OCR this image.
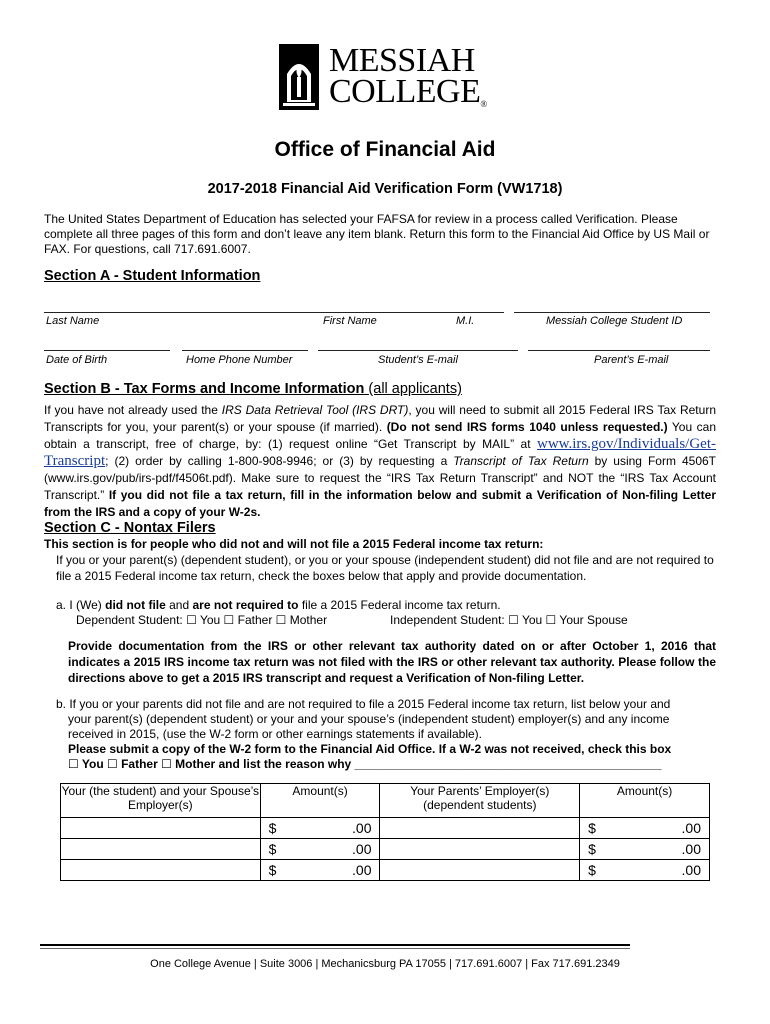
MESSIAH
COLLEGE®
Office of Financial Aid
2017-2018 Financial Aid Verification Form (VW1718)
The United States Department of Education has selected your FAFSA for review in a process called Verification. Please complete all three pages of this form and don’t leave any item blank. Return this form to the Financial Aid Office by US Mail or FAX. For questions, call 717.691.6007.
Section A - Student Information
Last Name	First Name	M.I.	Messiah College Student ID
Date of Birth	Home Phone Number	Student’s E-mail	Parent’s E-mail
Section B - Tax Forms and Income Information (all applicants)
If you have not already used the IRS Data Retrieval Tool (IRS DRT), you will need to submit all 2015 Federal IRS Tax Return Transcripts for you, your parent(s) or your spouse (if married). (Do not send IRS forms 1040 unless requested.) You can obtain a transcript, free of charge, by: (1) request online “Get Transcript by MAIL” at www.irs.gov/Individuals/Get-Transcript; (2) order by calling 1-800-908-9946; or (3) by requesting a Transcript of Tax Return by using Form 4506T (www.irs.gov/pub/irs-pdf/f4506t.pdf). Make sure to request the “IRS Tax Return Transcript” and NOT the “IRS Tax Account Transcript.” If you did not file a tax return, fill in the information below and submit a Verification of Non-filing Letter from the IRS and a copy of your W-2s.
Section C - Nontax Filers
This section is for people who did not and will not file a 2015 Federal income tax return:
If you or your parent(s) (dependent student), or you or your spouse (independent student) did not file and are not required to file a 2015 Federal income tax return, check the boxes below that apply and provide documentation.
a. I (We) did not file and are not required to file a 2015 Federal income tax return.
Dependent Student: ☐ You ☐ Father ☐ Mother	Independent Student: ☐ You ☐ Your Spouse
Provide documentation from the IRS or other relevant tax authority dated on or after October 1, 2016 that indicates a 2015 IRS income tax return was not filed with the IRS or other relevant tax authority. Please follow the directions above to get a 2015 IRS transcript and request a Verification of Non-filing Letter.
b. If you or your parents did not file and are not required to file a 2015 Federal income tax return, list below your and
your parent(s) (dependent student) or your and your spouse’s (independent student) employer(s) and any income received in 2015, (use the W-2 form or other earnings statements if available).
Please submit a copy of the W-2 form to the Financial Aid Office. If a W-2 was not received, check this box
☐ You ☐ Father ☐ Mother and list the reason why ______________________________________________
Your (the student) and your Spouse’s Employer(s)	Amount(s)	Your Parents’ Employer(s) (dependent students)	Amount(s)

	$ .00		$ .00

	$ .00		$ .00

	$ .00		$ .00
One College Avenue | Suite 3006 | Mechanicsburg PA 17055 | 717.691.6007 | Fax 717.691.2349
